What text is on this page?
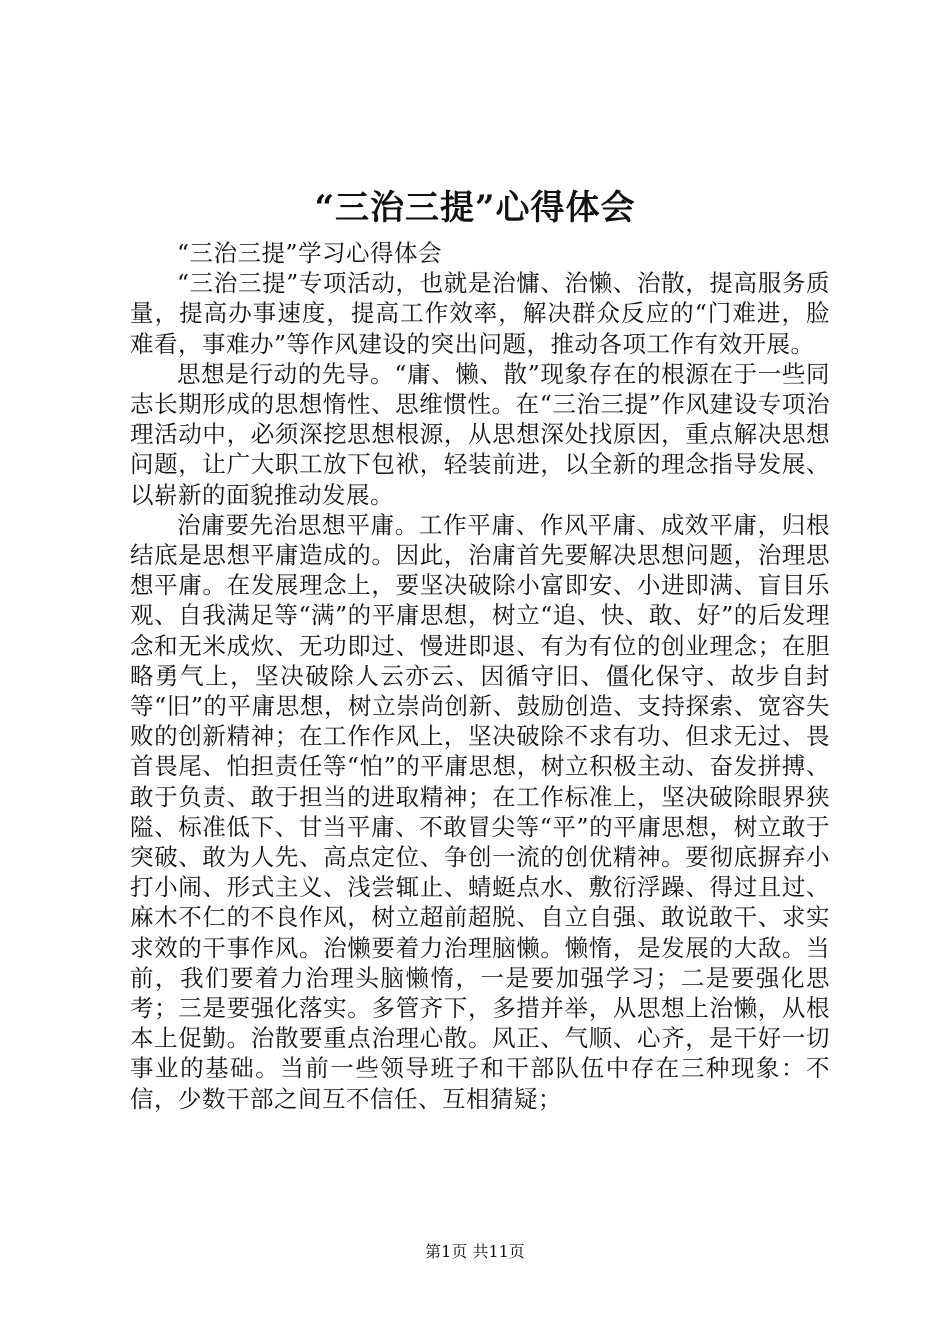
“三治三提”心得体会

“三治三提”学习心得体会

“三治三提”专项活动，也就是治慵、治懒、治散，提高服务质量，提高办事速度，提高工作效率，解决群众反应的“门难进，脸难看，事难办”等作风建设的突出问题，推动各项工作有效开展。

思想是行动的先导。“庸、懒、散”现象存在的根源在于一些同志长期形成的思想惰性、思维惯性。在“三治三提”作风建设专项治理活动中，必须深挖思想根源，从思想深处找原因，重点解决思想问题，让广大职工放下包袱，轻装前进，以全新的理念指导发展、以崭新的面貌推动发展。

治庸要先治思想平庸。工作平庸、作风平庸、成效平庸，归根结底是思想平庸造成的。因此，治庸首先要解决思想问题，治理思想平庸。在发展理念上，要坚决破除小富即安、小进即满、盲目乐观、自我满足等“满”的平庸思想，树立“追、快、敢、好”的后发理念和无米成炊、无功即过、慢进即退、有为有位的创业理念；在胆略勇气上，坚决破除人云亦云、因循守旧、僵化保守、故步自封等“旧”的平庸思想，树立崇尚创新、鼓励创造、支持探索、宽容失败的创新精神；在工作作风上，坚决破除不求有功、但求无过、畏首畏尾、怕担责任等“怕”的平庸思想，树立积极主动、奋发拼搏、敢于负责、敢于担当的进取精神；在工作标准上，坚决破除眼界狭隘、标准低下、甘当平庸、不敢冒尖等“平”的平庸思想，树立敢于突破、敢为人先、高点定位、争创一流的创优精神。要彻底摒弃小打小闹、形式主义、浅尝辄止、蜻蜓点水、敷衍浮躁、得过且过、麻木不仁的不良作风，树立超前超脱、自立自强、敢说敢干、求实求效的干事作风。治懒要着力治理脑懒。懒惰，是发展的大敌。当前，我们要着力治理头脑懒惰，一是要加强学习；二是要强化思考；三是要强化落实。多管齐下，多措并举，从思想上治懒，从根本上促勤。治散要重点治理心散。风正、气顺、心齐，是干好一切事业的基础。当前一些领导班子和干部队伍中存在三种现象：不信，少数干部之间互不信任、互相猜疑；

第1页 共11页
